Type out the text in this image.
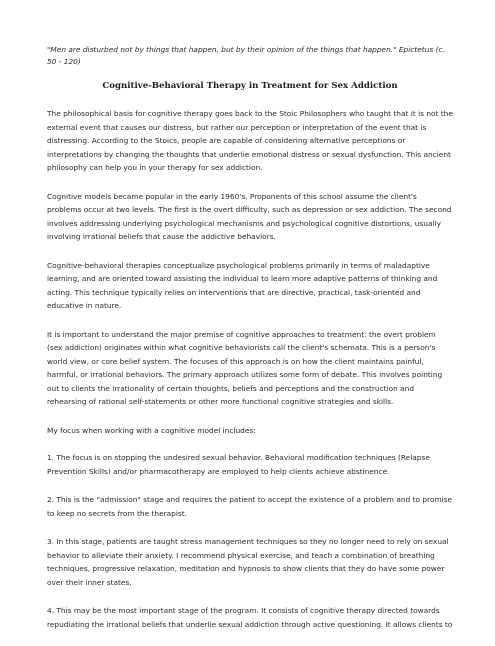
"Men are disturbed not by things that happen, but by their opinion of the things that happen." Epictetus (c. 50 - 120)

Cognitive-Behavioral Therapy in Treatment for Sex Addiction

The philosophical basis for cognitive therapy goes back to the Stoic Philosophers who taught that it is not the external event that causes our distress, but rather our perception or interpretation of the event that is distressing. According to the Stoics, people are capable of considering alternative perceptions or interpretations by changing the thoughts that underlie emotional distress or sexual dysfunction. This ancient philosophy can help you in your therapy for sex addiction.

Cognitive models became popular in the early 1960's. Proponents of this school assume the client's problems occur at two levels. The first is the overt difficulty, such as depression or sex addiction. The second involves addressing underlying psychological mechanisms and psychological cognitive distortions, usually involving irrational beliefs that cause the addictive behaviors.

Cognitive-behavioral therapies conceptualize psychological problems primarily in terms of maladaptive learning, and are oriented toward assisting the individual to learn more adaptive patterns of thinking and acting. This technique typically relies on interventions that are directive, practical, task-oriented and educative in nature.

It is important to understand the major premise of cognitive approaches to treatment: the overt problem (sex addiction) originates within what cognitive behaviorists call the client's schemata. This is a person's world view, or core belief system. The focuses of this approach is on how the client maintains painful, harmful, or irrational behaviors. The primary approach utilizes some form of debate. This involves pointing out to clients the irrationality of certain thoughts, beliefs and perceptions and the construction and rehearsing of rational self-statements or other more functional cognitive strategies and skills.

My focus when working with a cognitive model includes:

1. The focus is on stopping the undesired sexual behavior. Behavioral modification techniques (Relapse Prevention Skills) and/or pharmacotherapy are employed to help clients achieve abstinence.

2. This is the "admission" stage and requires the patient to accept the existence of a problem and to promise to keep no secrets from the therapist.

3. In this stage, patients are taught stress management techniques so they no longer need to rely on sexual behavior to alleviate their anxiety. I recommend physical exercise, and teach a combination of breathing techniques, progressive relaxation, meditation and hypnosis to show clients that they do have some power over their inner states.

4. This may be the most important stage of the program. It consists of cognitive therapy directed towards repudiating the irrational beliefs that underlie sexual addiction through active questioning. It allows clients to
